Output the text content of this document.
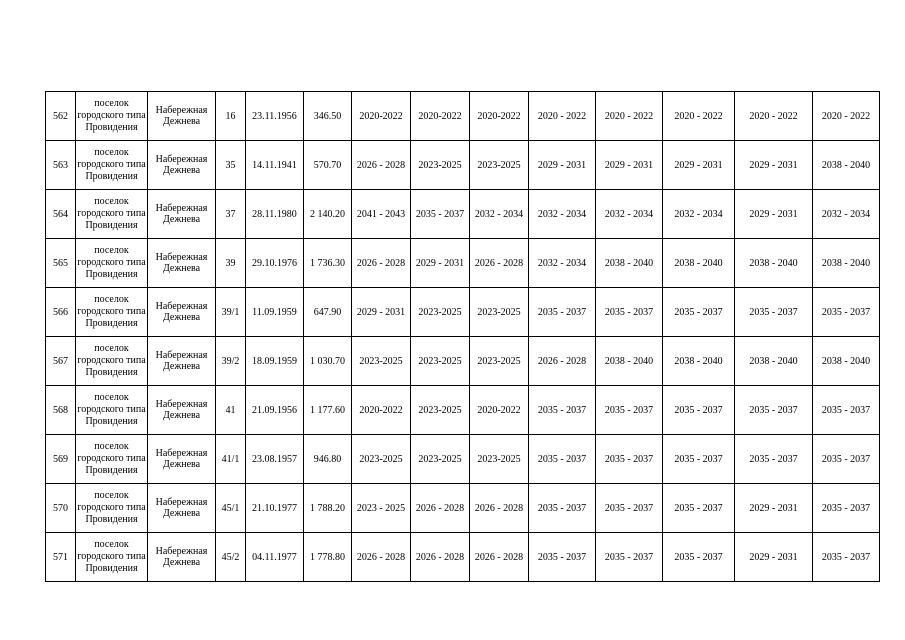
562	поселок городского типа Провидения	Набережная Дежнева	16	23.11.1956	346.50	2020-2022	2020-2022	2020-2022	2020 - 2022	2020 - 2022	2020 - 2022	2020 - 2022	2020 - 2022
563	поселок городского типа Провидения	Набережная Дежнева	35	14.11.1941	570.70	2026 - 2028	2023-2025	2023-2025	2029 - 2031	2029 - 2031	2029 - 2031	2029 - 2031	2038 - 2040
564	поселок городского типа Провидения	Набережная Дежнева	37	28.11.1980	2 140.20	2041 - 2043	2035 - 2037	2032 - 2034	2032 - 2034	2032 - 2034	2032 - 2034	2029 - 2031	2032 - 2034
565	поселок городского типа Провидения	Набережная Дежнева	39	29.10.1976	1 736.30	2026 - 2028	2029 - 2031	2026 - 2028	2032 - 2034	2038 - 2040	2038 - 2040	2038 - 2040	2038 - 2040
566	поселок городского типа Провидения	Набережная Дежнева	39/1	11.09.1959	647.90	2029 - 2031	2023-2025	2023-2025	2035 - 2037	2035 - 2037	2035 - 2037	2035 - 2037	2035 - 2037
567	поселок городского типа Провидения	Набережная Дежнева	39/2	18.09.1959	1 030.70	2023-2025	2023-2025	2023-2025	2026 - 2028	2038 - 2040	2038 - 2040	2038 - 2040	2038 - 2040
568	поселок городского типа Провидения	Набережная Дежнева	41	21.09.1956	1 177.60	2020-2022	2023-2025	2020-2022	2035 - 2037	2035 - 2037	2035 - 2037	2035 - 2037	2035 - 2037
569	поселок городского типа Провидения	Набережная Дежнева	41/1	23.08.1957	946.80	2023-2025	2023-2025	2023-2025	2035 - 2037	2035 - 2037	2035 - 2037	2035 - 2037	2035 - 2037
570	поселок городского типа Провидения	Набережная Дежнева	45/1	21.10.1977	1 788.20	2023 - 2025	2026 - 2028	2026 - 2028	2035 - 2037	2035 - 2037	2035 - 2037	2029 - 2031	2035 - 2037
571	поселок городского типа Провидения	Набережная Дежнева	45/2	04.11.1977	1 778.80	2026 - 2028	2026 - 2028	2026 - 2028	2035 - 2037	2035 - 2037	2035 - 2037	2029 - 2031	2035 - 2037
